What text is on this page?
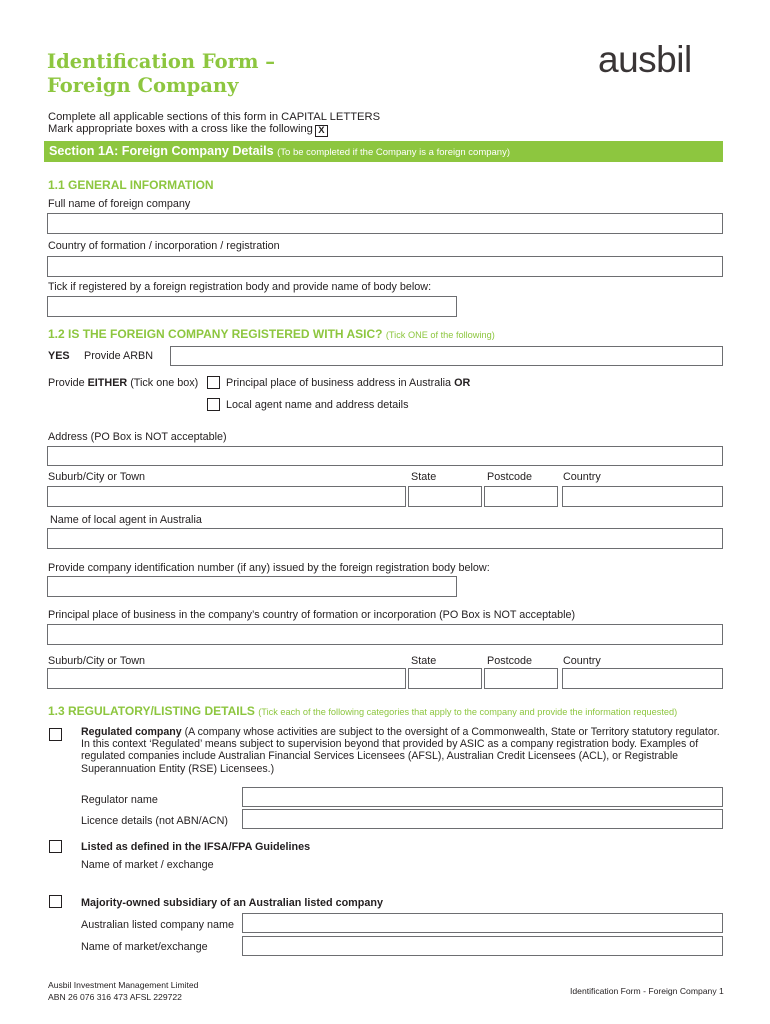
Identification Form –
Foreign Company
ausbil
Complete all applicable sections of this form in CAPITAL LETTERS
Mark appropriate boxes with a cross like the following X
Section 1A: Foreign Company Details (To be completed if the Company is a foreign company)
1.1 GENERAL INFORMATION
Full name of foreign company
Country of formation / incorporation / registration
Tick if registered by a foreign registration body and provide name of body below:
1.2 IS THE FOREIGN COMPANY REGISTERED WITH ASIC? (Tick ONE of the following)
YES Provide ARBN
Provide EITHER (Tick one box)	Principal place of business address in Australia OR
Local agent name and address details
Address (PO Box is NOT acceptable)
Suburb/City or Town	State	Postcode	Country
Name of local agent in Australia
Provide company identification number (if any) issued by the foreign registration body below:
Principal place of business in the company’s country of formation or incorporation (PO Box is NOT acceptable)
Suburb/City or Town	State	Postcode	Country
1.3 REGULATORY/LISTING DETAILS (Tick each of the following categories that apply to the company and provide the information requested)
Regulated company (A company whose activities are subject to the oversight of a Commonwealth, State or Territory statutory regulator. In this context ‘Regulated’ means subject to supervision beyond that provided by ASIC as a company registration body. Examples of regulated companies include Australian Financial Services Licensees (AFSL), Australian Credit Licensees (ACL), or Registrable Superannuation Entity (RSE) Licensees.)
Regulator name
Licence details (not ABN/ACN)
Listed as defined in the IFSA/FPA Guidelines
Name of market / exchange
Majority-owned subsidiary of an Australian listed company
Australian listed company name
Name of market/exchange
Ausbil Investment Management Limited
ABN 26 076 316 473 AFSL 229722
Identification Form - Foreign Company 1
